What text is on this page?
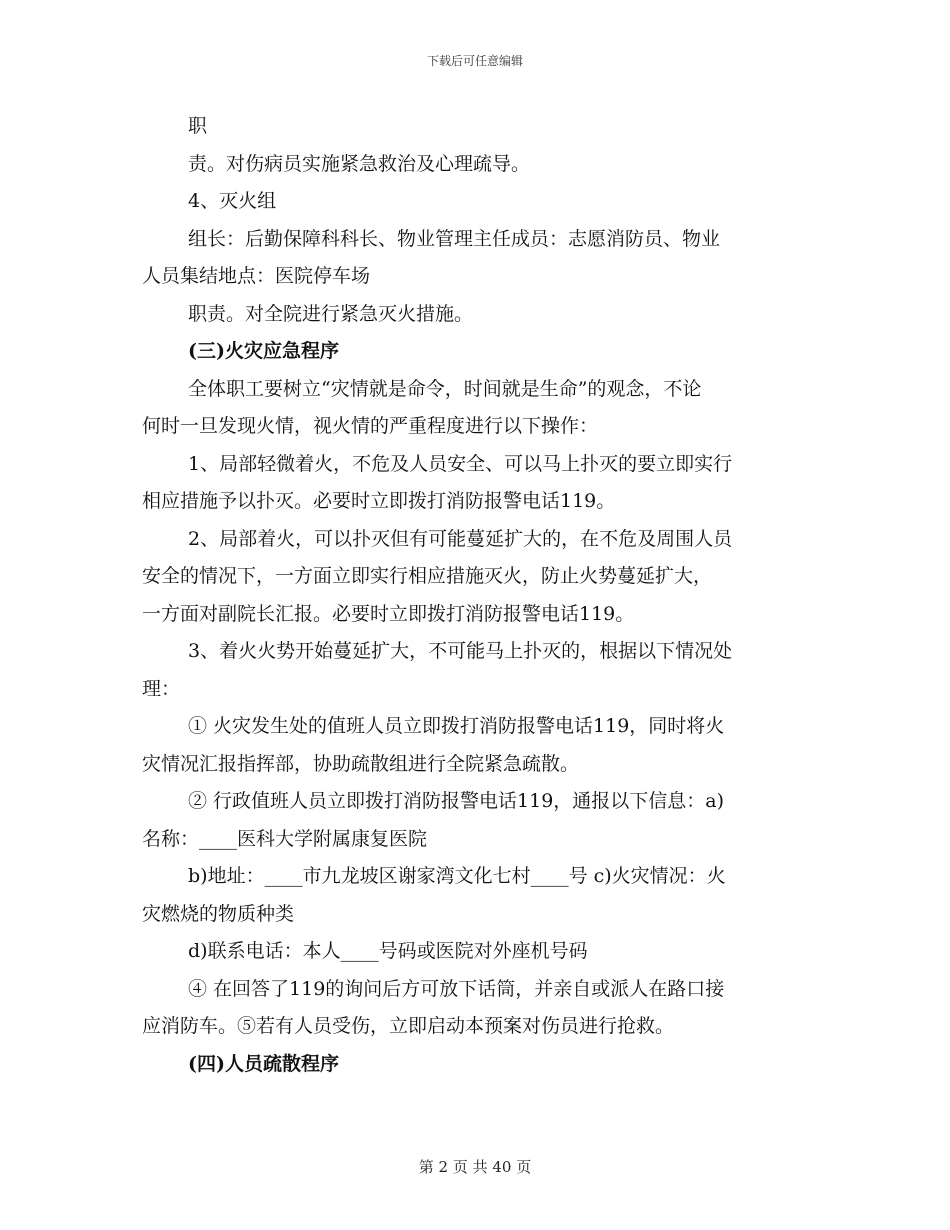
下载后可任意编辑

职

责。对伤病员实施紧急救治及心理疏导。

4、灭火组

组长：后勤保障科科长、物业管理主任成员：志愿消防员、物业

人员集结地点：医院停车场

职责。对全院进行紧急灭火措施。

(三)火灾应急程序

全体职工要树立“灾情就是命令，时间就是生命”的观念，不论

何时一旦发现火情，视火情的严重程度进行以下操作：

1、局部轻微着火，不危及人员安全、可以马上扑灭的要立即实行

相应措施予以扑灭。必要时立即拨打消防报警电话119。

2、局部着火，可以扑灭但有可能蔓延扩大的，在不危及周围人员

安全的情况下，一方面立即实行相应措施灭火，防止火势蔓延扩大，

一方面对副院长汇报。必要时立即拨打消防报警电话119。

3、着火火势开始蔓延扩大，不可能马上扑灭的，根据以下情况处

理：

① 火灾发生处的值班人员立即拨打消防报警电话119，同时将火

灾情况汇报指挥部，协助疏散组进行全院紧急疏散。

② 行政值班人员立即拨打消防报警电话119，通报以下信息：a)

名称：____医科大学附属康复医院

b)地址：____市九龙坡区谢家湾文化七村____号 c)火灾情况：火

灾燃烧的物质种类

d)联系电话：本人____号码或医院对外座机号码

④ 在回答了119的询问后方可放下话筒，并亲自或派人在路口接

应消防车。⑤若有人员受伤，立即启动本预案对伤员进行抢救。

(四)人员疏散程序

第 2 页 共 40 页
